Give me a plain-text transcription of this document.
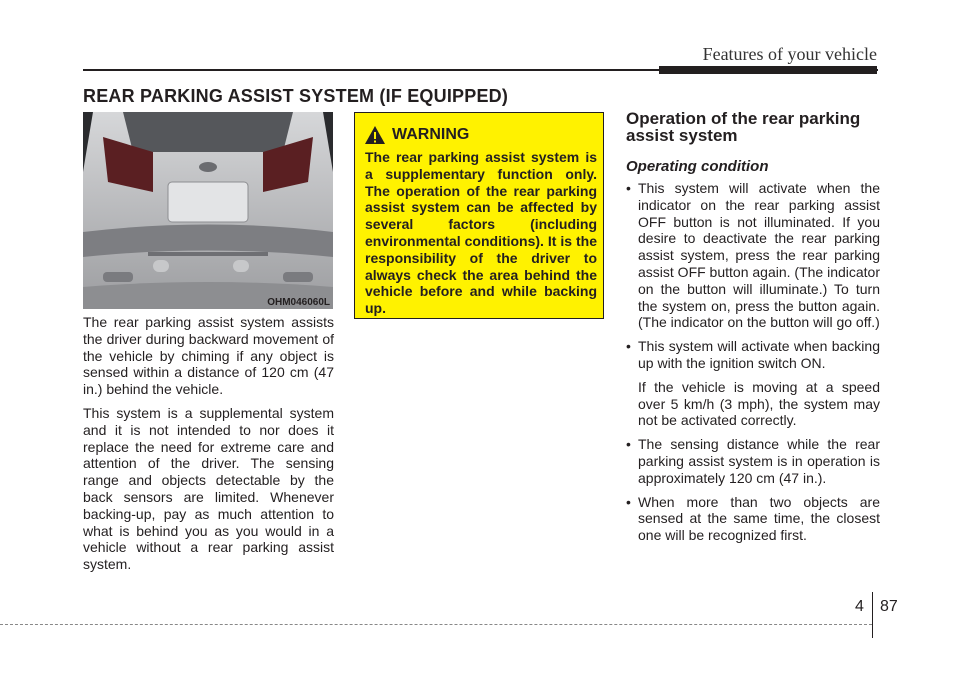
Features of your vehicle
REAR PARKING ASSIST SYSTEM (IF EQUIPPED)
OHM046060L

The rear parking assist system assists the driver during backward movement of the vehicle by chiming if any object is sensed within a distance of 120 cm (47 in.) behind the vehicle.

This system is a supplemental system and it is not intended to nor does it replace the need for extreme care and attention of the driver. The sensing range and objects detectable by the back sensors are limited. Whenever backing-up, pay as much attention to what is behind you as you would in a vehicle without a rear parking assist system.

WARNING
The rear parking assist system is a supplementary function only. The operation of the rear parking assist system can be affected by several factors (including environmental conditions). It is the responsibility of the driver to always check the area behind the vehicle before and while backing up.

Operation of the rear parking assist system

Operating condition

• This system will activate when the indicator on the rear parking assist OFF button is not illuminated. If you desire to deactivate the rear parking assist system, press the rear parking assist OFF button again. (The indicator on the button will illuminate.) To turn the system on, press the button again. (The indicator on the button will go off.)
• This system will activate when backing up with the ignition switch ON.
If the vehicle is moving at a speed over 5 km/h (3 mph), the system may not be activated correctly.
• The sensing distance while the rear parking assist system is in operation is approximately 120 cm (47 in.).
• When more than two objects are sensed at the same time, the closest one will be recognized first.
4 87
